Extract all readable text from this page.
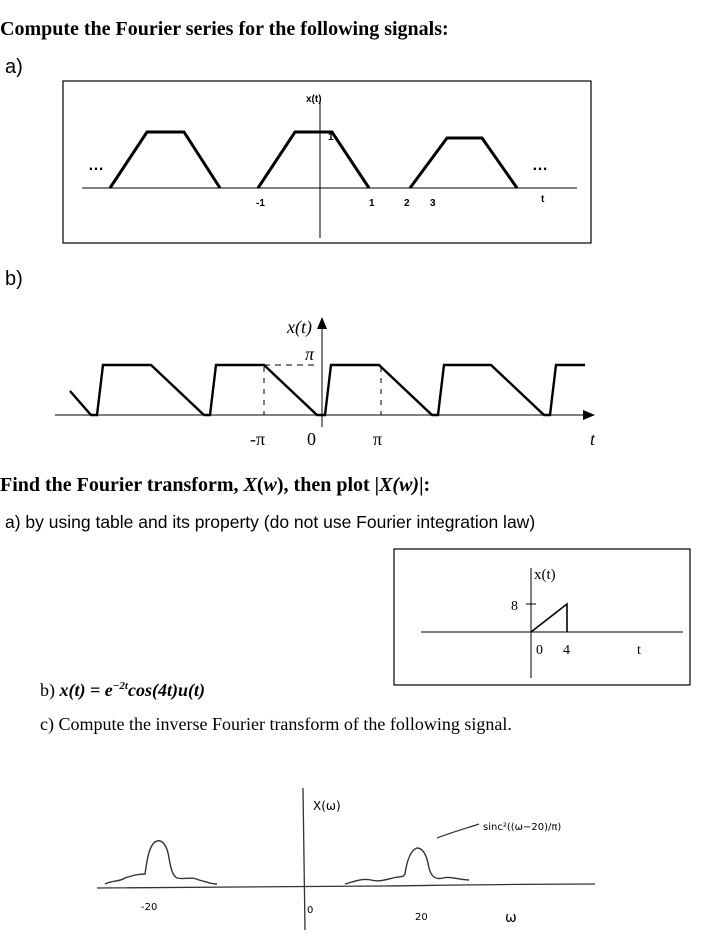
Compute the Fourier series for the following signals:
a)
x(t)
1
…	…
-1	1	2 3	t
b)
x(t)
π
-π 0	π	t
Find the Fourier transform, X(w), then plot |X(w)|:
a) by using table and its property (do not use Fourier integration law)
x(t)
8
0 4	t
b) $x(t) = e^{-2t}\cos(4t)u(t)$
c) Compute the inverse Fourier transform of the following signal.
X(ω)
-20	0
20	ω
sinc²((ω−20)/π)
